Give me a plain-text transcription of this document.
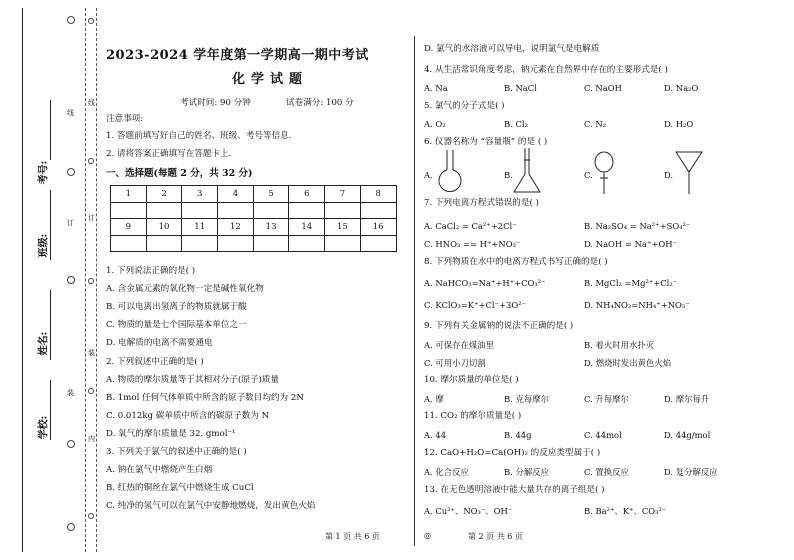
学校:
姓名:
班级:
考号:
线
订
装
线
订
装
内
2023-2024 学年度第一学期高一期中考试
化学试题
考试时间: 90 分钟	试卷满分: 100 分
注意事项:
1. 答题前填写好自己的姓名、班级、考号等信息.
2. 请将答案正确填写在答题卡上.
一、选择题(每题 2 分，共 32 分)
1	2	3	4	5	6	7	8

9	10	11	12	13	14	15	16

1. 下列说法正确的是( )
A. 含金属元素的氧化物一定是碱性氧化物
B. 可以电离出氢离子的物质就属于酸
C. 物质的量是七个国际基本单位之一
D. 电解质的电离不需要通电
2. 下列叙述中正确的是( )
A. 物质的摩尔质量等于其相对分子(原子)质量
B. 1mol 任何气体单质中所含的原子数目均约为 2N
C. 0.012kg 碳单质中所含的碳原子数为 N
D. 氧气的摩尔质量是 32. gmol⁻¹
3. 下列关于氯气的叙述中正确的是( )
A. 钠在氯气中燃烧产生白烟
B. 红热的铜丝在氯气中燃烧生成 CuCl
C. 纯净的氢气可以在氯气中安静地燃烧，发出黄色火焰
D. 氯气的水溶液可以导电，说明氯气是电解质
4. 从生活常识角度考虑，钠元素在自然界中存在的主要形式是( )
A. Na	B. NaCl	C. NaOH	D. Na₂O
5. 氯气的分子式是( )
A. O₂	B. Cl₂	C. N₂	D. H₂O
6. 仪器名称为 “容量瓶” 的是 ( )
A.	B.	C.	D.
7. 下列电离方程式错误的是( )
A. CaCl₂ = Ca²⁺+2Cl⁻	B. Na₂SO₄ = Na²⁺+SO₄²⁻
C. HNO₃ == H⁺+NO₃⁻	D. NaOH = Na⁺+OH⁻
8. 下列物质在水中的电离方程式书写正确的是( )
A. NaHCO₃=Na⁺+H⁺+CO₃²⁻	B. MgCl₂ =Mg²⁺+Cl₂⁻
C. KClO₃=K⁺+Cl⁻+3O²⁻	D. NH₄NO₃=NH₄⁺+NO₃⁻
9. 下列有关金属钠的说法不正确的是( )
A. 可保存在煤油里	B. 着火时用水扑灭
C. 可用小刀切割	D. 燃烧时发出黄色火焰
10. 摩尔质量的单位是( )
A. 摩	B. 克每摩尔	C. 升每摩尔	D. 摩尔每升
11. CO₂ 的摩尔质量是( )
A. 44	B. 44g	C. 44mol	D. 44g/mol
12. CaO+H₂O=Ca(OH)₂ 的反应类型属于( )
A. 化合反应	B. 分解反应	C. 置换反应	D. 复分解反应
13. 在无色透明溶液中能大量共存的离子组是( )
A. Cu²⁺、NO₃⁻、OH⁻	B. Ba²⁺、K⁺、CO₃²⁻
第 1 页 共 6 页	◎	第 2 页 共 6 页
